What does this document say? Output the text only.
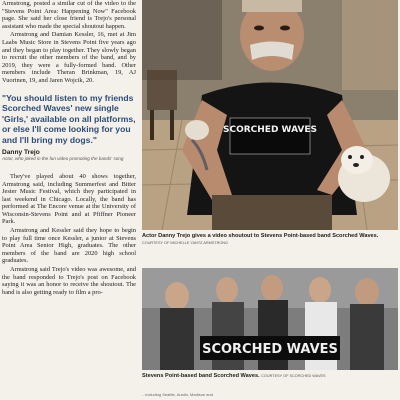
Armstrong, posted a similar cut of the video to the "Stevens Point Area: Happening Now" Facebook page. She said her close friend is Trejo's personal assistant who made the special shoutout happen.

Armstrong and Damian Kessler, 16, met at Jim Laabs Music Store in Stevens Point five years ago and they began to play together. They slowly began to recruit the other members of the band, and by 2019, they were a fully-formed band. Other members include Theran Brinkman, 19, AJ Vuorinen, 19, and Jaren Wojcik, 20.

"You should listen to my friends Scorched Waves' new single 'Girls,' available on all platforms, or else I'll come looking for you and I'll bring my dogs."

Danny Trejo

Actor, who joked in the fun video promoting the bands' song

They've played about 40 shows together, Armstrong said, including Summerfest and Bitter Jester Music Festival, which they participated in last weekend in Chicago. Locally, the band has performed at The Encore venue at the University of Wisconsin-Stevens Point and at Pfiffner Pioneer Park.

Armstrong and Kessler said they hope to begin to play full time once Kessler, a junior at Stevens Point Area Senior High, graduates. The other members of the band are 2020 high school graduates.

Armstrong said Trejo's video was awesome, and the band responded to Trejo's post on Facebook saying it was an honor to receive the shoutout. The band is also getting ready to film a pro-

SCORCHED WAVES
Actor Danny Trejo gives a video shoutout to Stevens Point-based band Scorched Waves. COURTESY OF MICHELLE YANTZ ARMSTRONG
SCORCHED WAVES
Stevens Point-based band Scorched Waves. COURTESY OF SCORCHED WAVES
...including Seattle, Austin, Madison and
